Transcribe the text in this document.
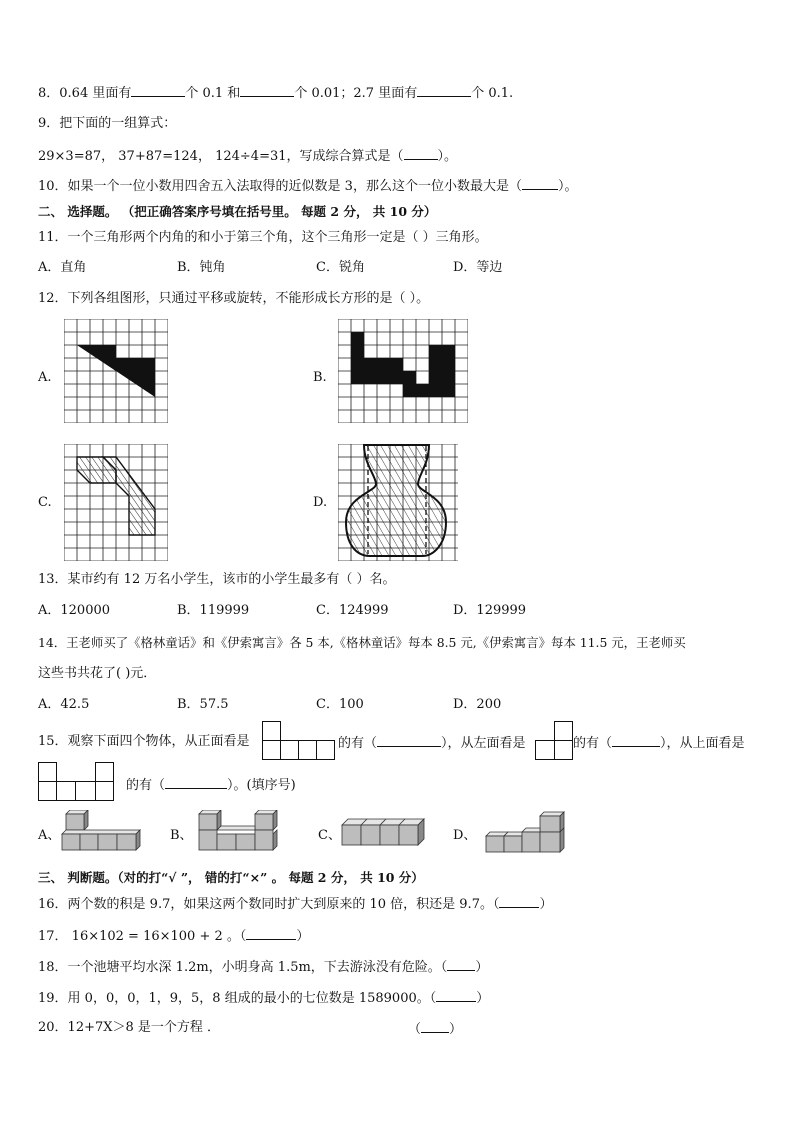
8．0.64 里面有	个 0.1 和	个 0.01；2.7 里面有	个 0.1.
9．把下面的一组算式：
29×3=87， 37+87=124， 124÷4=31，写成综合算式是（	）。
10．如果一个一位小数用四舍五入法取得的近似数是 3，那么这个一位小数最大是（	）。
二、 选择题。 （把正确答案序号填在括号里。 每题 2 分， 共 10 分）
11．一个三角形两个内角的和小于第三个角，这个三角形一定是（ ）三角形。
A．直角	B．钝角	C．锐角	D．等边
12．下列各组图形，只通过平移或旋转，不能形成长方形的是（ ）。
A.	B.
C.	D.
13．某市约有 12 万名小学生，该市的小学生最多有（ ）名。
A．120000	B．119999	C．124999	D．129999
14．王老师买了《格林童话》和《伊索寓言》各 5 本,《格林童话》每本 8.5 元,《伊索寓言》每本 11.5 元，王老师买
这些书共花了( )元．
A．42.5	B．57.5	C．100	D．200
15．观察下面四个物体，从正面看是	的有（	），从左面看是	的有（	），从上面看是
的有（	）。(填序号)
A、	B、	C、	D、
三、 判断题。（对的打“√ ”， 错的打“×” 。 每题 2 分， 共 10 分）
16．两个数的积是 9.7，如果这两个数同时扩大到原来的 10 倍，积还是 9.7。（	）
17． 16×102 = 16×100 + 2 。（	）
18．一个池塘平均水深 1.2m，小明身高 1.5m，下去游泳没有危险。（ ）
19．用 0，0，0，1，9，5，8 组成的最小的七位数是 1589000。（	）
20．12+7X＞8 是一个方程 ．	（ ）
